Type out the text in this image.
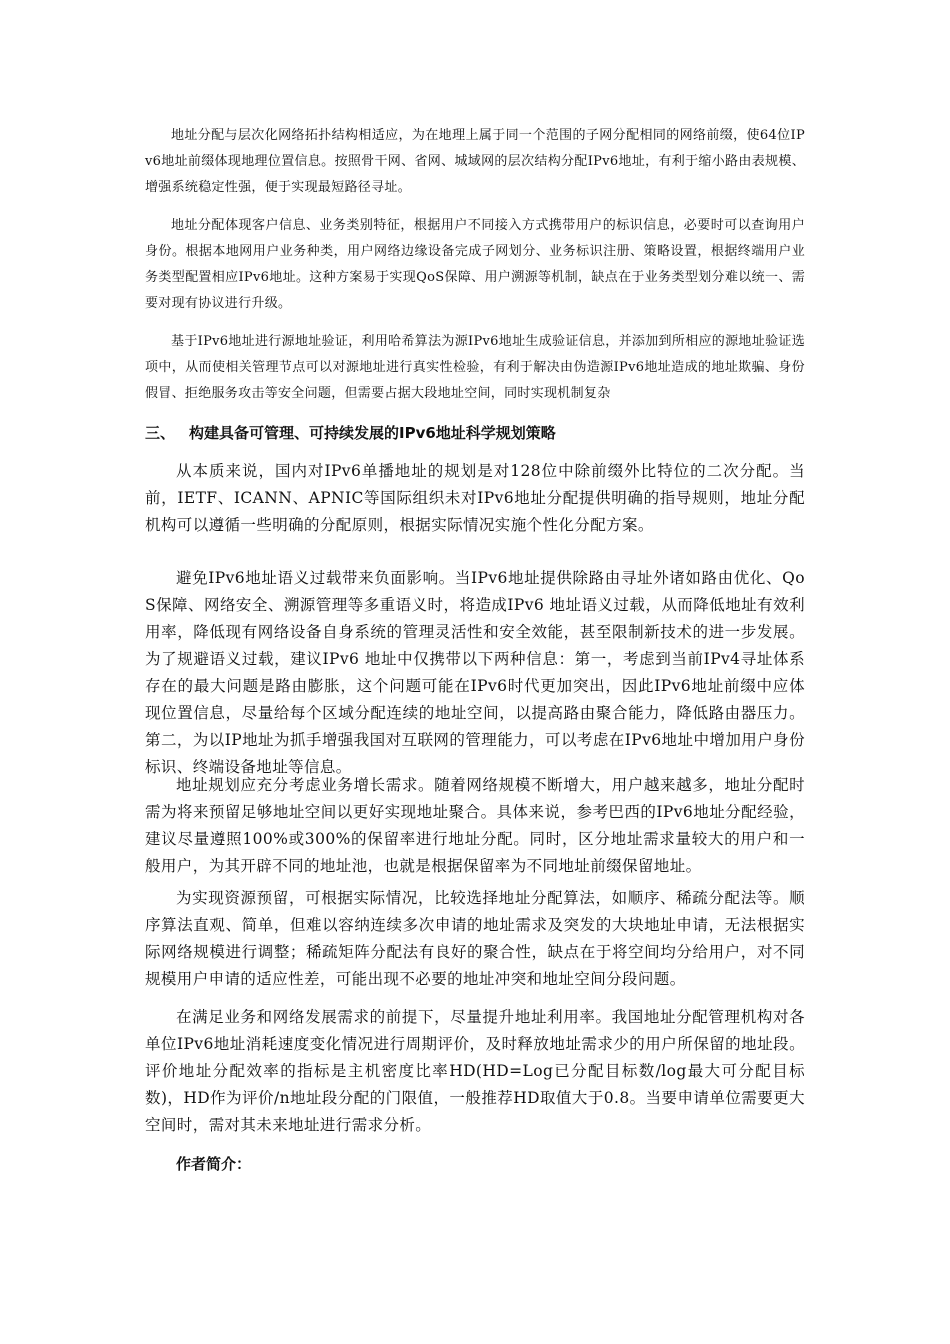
地址分配与层次化网络拓扑结构相适应，为在地理上属于同一个范围的子网分配相同的网络前缀，使64位IPv6地址前缀体现地理位置信息。按照骨干网、省网、城域网的层次结构分配IPv6地址，有利于缩小路由表规模、增强系统稳定性强，便于实现最短路径寻址。

地址分配体现客户信息、业务类别特征，根据用户不同接入方式携带用户的标识信息，必要时可以查询用户身份。根据本地网用户业务种类，用户网络边缘设备完成子网划分、业务标识注册、策略设置，根据终端用户业务类型配置相应IPv6地址。这种方案易于实现QoS保障、用户溯源等机制，缺点在于业务类型划分难以统一、需要对现有协议进行升级。

基于IPv6地址进行源地址验证，利用哈希算法为源IPv6地址生成验证信息，并添加到所相应的源地址验证选项中，从而使相关管理节点可以对源地址进行真实性检验，有利于解决由伪造源IPv6地址造成的地址欺骗、身份假冒、拒绝服务攻击等安全问题，但需要占据大段地址空间，同时实现机制复杂

三、 构建具备可管理、可持续发展的IPv6地址科学规划策略

从本质来说，国内对IPv6单播地址的规划是对128位中除前缀外比特位的二次分配。当前，IETF、ICANN、APNIC等国际组织未对IPv6地址分配提供明确的指导规则，地址分配机构可以遵循一些明确的分配原则，根据实际情况实施个性化分配方案。

避免IPv6地址语义过载带来负面影响。当IPv6地址提供除路由寻址外诸如路由优化、QoS保障、网络安全、溯源管理等多重语义时，将造成IPv6 地址语义过载，从而降低地址有效利用率，降低现有网络设备自身系统的管理灵活性和安全效能，甚至限制新技术的进一步发展。为了规避语义过载，建议IPv6 地址中仅携带以下两种信息：第一，考虑到当前IPv4寻址体系存在的最大问题是路由膨胀，这个问题可能在IPv6时代更加突出，因此IPv6地址前缀中应体现位置信息，尽量给每个区域分配连续的地址空间，以提高路由聚合能力，降低路由器压力。第二，为以IP地址为抓手增强我国对互联网的管理能力，可以考虑在IPv6地址中增加用户身份标识、终端设备地址等信息。

地址规划应充分考虑业务增长需求。随着网络规模不断增大，用户越来越多，地址分配时需为将来预留足够地址空间以更好实现地址聚合。具体来说，参考巴西的IPv6地址分配经验，建议尽量遵照100%或300%的保留率进行地址分配。同时，区分地址需求量较大的用户和一般用户，为其开辟不同的地址池，也就是根据保留率为不同地址前缀保留地址。

为实现资源预留，可根据实际情况，比较选择地址分配算法，如顺序、稀疏分配法等。顺序算法直观、简单，但难以容纳连续多次申请的地址需求及突发的大块地址申请，无法根据实际网络规模进行调整；稀疏矩阵分配法有良好的聚合性，缺点在于将空间均分给用户，对不同规模用户申请的适应性差，可能出现不必要的地址冲突和地址空间分段问题。

在满足业务和网络发展需求的前提下，尽量提升地址利用率。我国地址分配管理机构对各单位IPv6地址消耗速度变化情况进行周期评价，及时释放地址需求少的用户所保留的地址段。评价地址分配效率的指标是主机密度比率HD(HD=Log已分配目标数/log最大可分配目标数)，HD作为评价/n地址段分配的门限值，一般推荐HD取值大于0.8。当要申请单位需要更大空间时，需对其未来地址进行需求分析。

作者简介：
